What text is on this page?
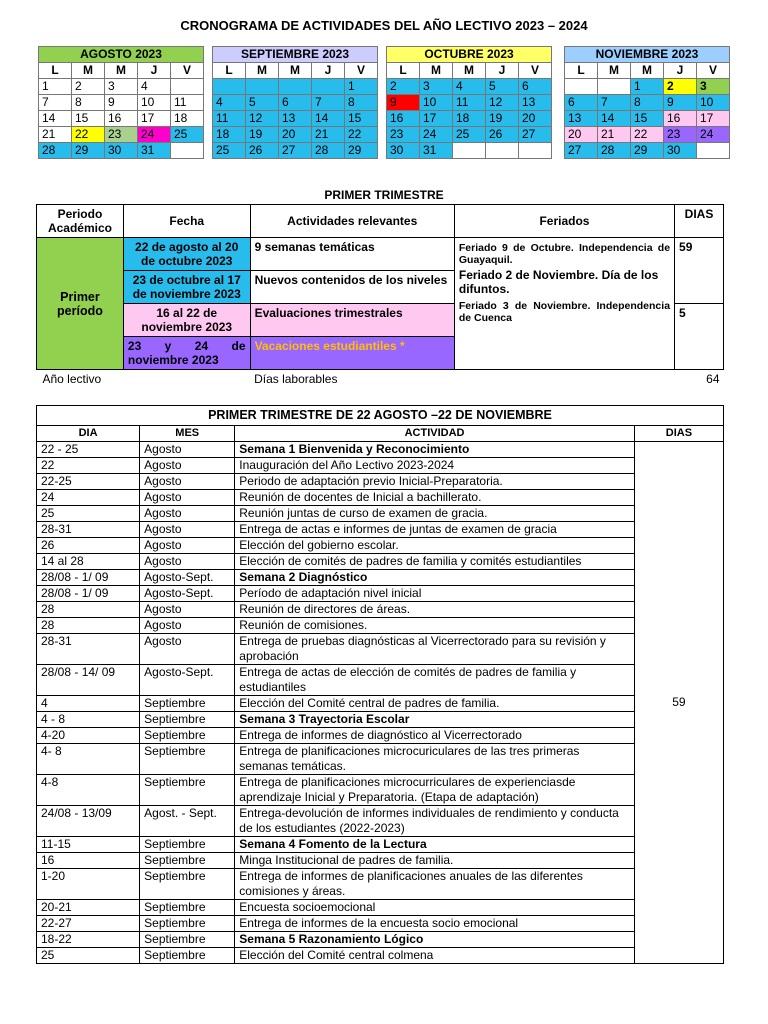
CRONOGRAMA DE ACTIVIDADES DEL AÑO LECTIVO 2023 – 2024
AGOSTO 2023				
L	M	M	J	V
1	2	3	4	
7	8	9	10	11
14	15	16	17	18
21	22	23	24	25
28	29	30	31	
SEPTIEMBRE 2023				
L	M	M	J	V
				1
4	5	6	7	8
11	12	13	14	15
18	19	20	21	22
25	26	27	28	29
OCTUBRE 2023				
L	M	M	J	V
2	3	4	5	6
9	10	11	12	13
16	17	18	19	20
23	24	25	26	27
30	31			
NOVIEMBRE 2023				
L	M	M	J	V
		1	2	3
6	7	8	9	10
13	14	15	16	17
20	21	22	23	24
27	28	29	30	
PRIMER TRIMESTRE
Periodo Académico	Fecha	Actividades relevantes	Feriados	DIAS
Primer período	22 de agosto al 20 de octubre 2023	9 semanas temáticas	Feriado 9 de Octubre. Independencia de Guayaquil.
Feriado 2 de Noviembre. Día de los difuntos.
Feriado 3 de Noviembre. Independencia de Cuenca	59
	23 de octubre al 17 de noviembre 2023	Nuevos contenidos de los niveles		
	16 al 22 de noviembre 2023	Evaluaciones trimestrales		5
	23 y 24 de noviembre 2023	Vacaciones estudiantiles *		
Año lectivo		Días laborables		64
PRIMER TRIMESTRE DE 22 AGOSTO –22 DE NOVIEMBRE			
DIA	MES	ACTIVIDAD	DIAS
22 - 25	Agosto	Semana 1 Bienvenida y Reconocimiento	59
22	Agosto	Inauguración del Año Lectivo 2023-2024	
22-25	Agosto	Periodo de adaptación previo Inicial-Preparatoria.	
24	Agosto	Reunión de docentes de Inicial a bachillerato.	
25	Agosto	Reunión juntas de curso de examen de gracia.	
28-31	Agosto	Entrega de actas e informes de juntas de examen de gracia	
26	Agosto	Elección del gobierno escolar.	
14 al 28	Agosto	Elección de comités de padres de familia y comités estudiantiles	
28/08 - 1/ 09	Agosto-Sept.	Semana 2 Diagnóstico	
28/08 - 1/ 09	Agosto-Sept.	Período de adaptación nivel inicial	
28	Agosto	Reunión de directores de áreas.	
28	Agosto	Reunión de comisiones.	
28-31	Agosto	Entrega de pruebas diagnósticas al Vicerrectorado para su revisión y aprobación	
28/08 - 14/ 09	Agosto-Sept.	Entrega de actas de elección de comités de padres de familia y estudiantiles	
4	Septiembre	Elección del Comité central de padres de familia.	
4 - 8	Septiembre	Semana 3 Trayectoria Escolar	
4-20	Septiembre	Entrega de informes de diagnóstico al Vicerrectorado	
4- 8	Septiembre	Entrega de planificaciones microcuriculares de las tres primeras semanas temáticas.	
4-8	Septiembre	Entrega de planificaciones microcurriculares de experienciasde aprendizaje Inicial y Preparatoria. (Etapa de adaptación)	
24/08 - 13/09	Agost. - Sept.	Entrega-devolución de informes individuales de rendimiento y conducta de los estudiantes (2022-2023)	
11-15	Septiembre	Semana 4 Fomento de la Lectura	
16	Septiembre	Minga Institucional de padres de familia.	
1-20	Septiembre	Entrega de informes de planificaciones anuales de las diferentes comisiones y áreas.	
20-21	Septiembre	Encuesta socioemocional	
22-27	Septiembre	Entrega de informes de la encuesta socio emocional	
18-22	Septiembre	Semana 5 Razonamiento Lógico	
25	Septiembre	Elección del Comité central colmena	
